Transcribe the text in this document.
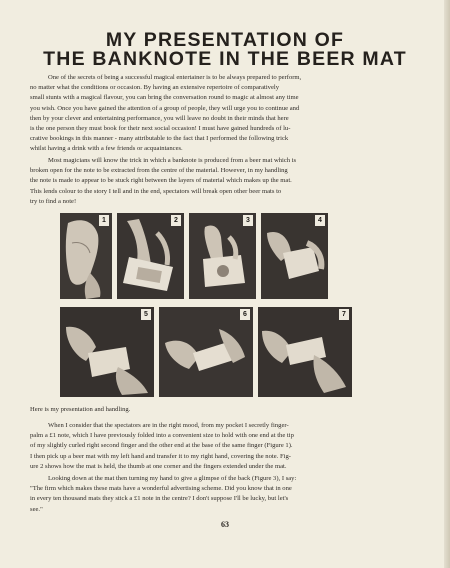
MY PRESENTATION OF
THE BANKNOTE IN THE BEER MAT
One of the secrets of being a successful magical entertainer is to be always prepared to perform,
no matter what the conditions or occasion. By having an extensive repertoire of comparatively
small stunts with a magical flavour, you can bring the conversation round to magic at almost any time
you wish. Once you have gained the attention of a group of people, they will urge you to continue and
then by your clever and entertaining performance, you will leave no doubt in their minds that here
is the one person they must book for their next social occasion! I must have gained hundreds of lu-
crative bookings in this manner - many attributable to the fact that I performed the following trick
whilst having a drink with a few friends or acquaintances.
Most magicians will know the trick in which a banknote is produced from a beer mat which is
broken open for the note to be extracted from the centre of the material. However, in my handling
the note is made to appear to be stuck right between the layers of material which makes up the mat.
This lends colour to the story I tell and in the end, spectators will break open other beer mats to
try to find a note!
1	2	3	4
5	6	7
Here is my presentation and handling.
When I consider that the spectators are in the right mood, from my pocket I secretly finger-
palm a £1 note, which I have previously folded into a convenient size to hold with one end at the tip
of my slightly curled right second finger and the other end at the base of the same finger (Figure 1).
I then pick up a beer mat with my left hand and transfer it to my right hand, covering the note. Fig-
ure 2 shows how the mat is held, the thumb at one corner and the fingers extended under the mat.
Looking down at the mat then turning my hand to give a glimpse of the back (Figure 3), I say:
"The firm which makes these mats have a wonderful advertising scheme. Did you know that in one
in every ten thousand mats they stick a £1 note in the centre? I don't suppose I'll be lucky, but let's
see."
63
